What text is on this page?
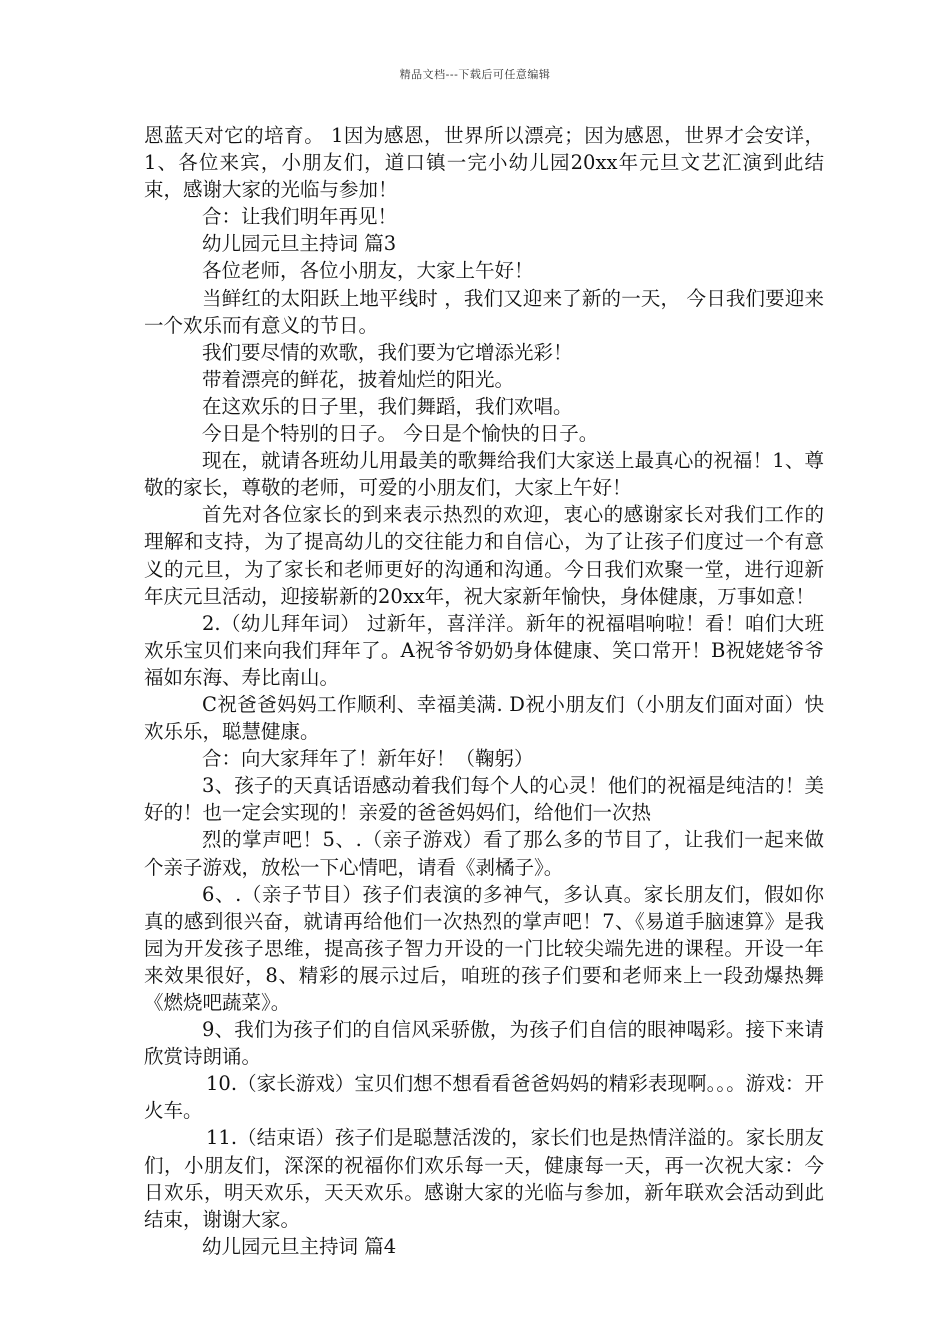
精品文档---下载后可任意编辑

恩蓝天对它的培育。 1因为感恩，世界所以漂亮；因为感恩，世界才会安详，1、各位来宾，小朋友们，道口镇一完小幼儿园20xx年元旦文艺汇演到此结束，感谢大家的光临与参加！

合：让我们明年再见！

幼儿园元旦主持词 篇3

各位老师，各位小朋友，大家上午好！

当鲜红的太阳跃上地平线时 ，我们又迎来了新的一天， 今日我们要迎来一个欢乐而有意义的节日。

我们要尽情的欢歌，我们要为它增添光彩！

带着漂亮的鲜花，披着灿烂的阳光。

在这欢乐的日子里，我们舞蹈，我们欢唱。

今日是个特别的日子。 今日是个愉快的日子。

现在，就请各班幼儿用最美的歌舞给我们大家送上最真心的祝福！1、尊敬的家长，尊敬的老师，可爱的小朋友们，大家上午好！

首先对各位家长的到来表示热烈的欢迎，衷心的感谢家长对我们工作的理解和支持，为了提高幼儿的交往能力和自信心，为了让孩子们度过一个有意义的元旦，为了家长和老师更好的沟通和沟通。今日我们欢聚一堂，进行迎新年庆元旦活动，迎接崭新的20xx年，祝大家新年愉快，身体健康，万事如意！

2.（幼儿拜年词） 过新年，喜洋洋。新年的祝福唱响啦！看！咱们大班欢乐宝贝们来向我们拜年了。A祝爷爷奶奶身体健康、笑口常开！B祝姥姥爷爷福如东海、寿比南山。

C祝爸爸妈妈工作顺利、幸福美满. D祝小朋友们（小朋友们面对面）快欢乐乐，聪慧健康。

合：向大家拜年了！新年好！（鞠躬）

3、孩子的天真话语感动着我们每个人的心灵！他们的祝福是纯洁的！美好的！也一定会实现的！亲爱的爸爸妈妈们，给他们一次热

烈的掌声吧！5、.（亲子游戏）看了那么多的节目了，让我们一起来做个亲子游戏，放松一下心情吧，请看《剥橘子》。

6、.（亲子节目）孩子们表演的多神气，多认真。家长朋友们，假如你真的感到很兴奋，就请再给他们一次热烈的掌声吧！7、《易道手脑速算》是我园为开发孩子思维，提高孩子智力开设的一门比较尖端先进的课程。开设一年来效果很好，8、精彩的展示过后，咱班的孩子们要和老师来上一段劲爆热舞《燃烧吧蔬菜》。

9、我们为孩子们的自信风采骄傲，为孩子们自信的眼神喝彩。接下来请欣赏诗朗诵。

10.（家长游戏）宝贝们想不想看看爸爸妈妈的精彩表现啊。。。游戏：开火车。

11.（结束语）孩子们是聪慧活泼的，家长们也是热情洋溢的。家长朋友们，小朋友们，深深的祝福你们欢乐每一天，健康每一天，再一次祝大家：今日欢乐，明天欢乐，天天欢乐。感谢大家的光临与参加，新年联欢会活动到此结束，谢谢大家。

幼儿园元旦主持词 篇4
